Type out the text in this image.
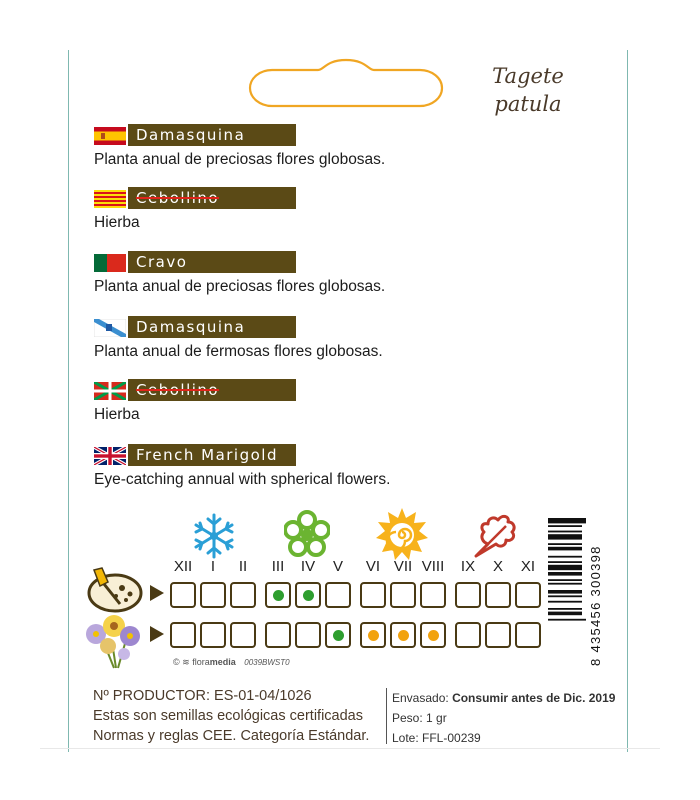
Tagete
patula
Damasquina
Planta anual de preciosas flores globosas.
Cebollino
Hierba
Cravo
Planta anual de preciosas flores globosas.
Damasquina
Planta anual de fermosas flores globosas.
Cebollino
Hierba
French Marigold
Eye-catching annual with spherical flowers.
XII	I	II	III	IV	V	VI VII VIII	IX	X	XI
© ≋ floramedia 0039BWST0	8 435456 300398
Nº PRODUCTOR: ES-01-04/1026
Estas son semillas ecológicas certificadas
Normas y reglas CEE. Categoría Estándar.
Envasado: Consumir antes de Dic. 2019
Peso: 1 gr
Lote: FFL-00239
